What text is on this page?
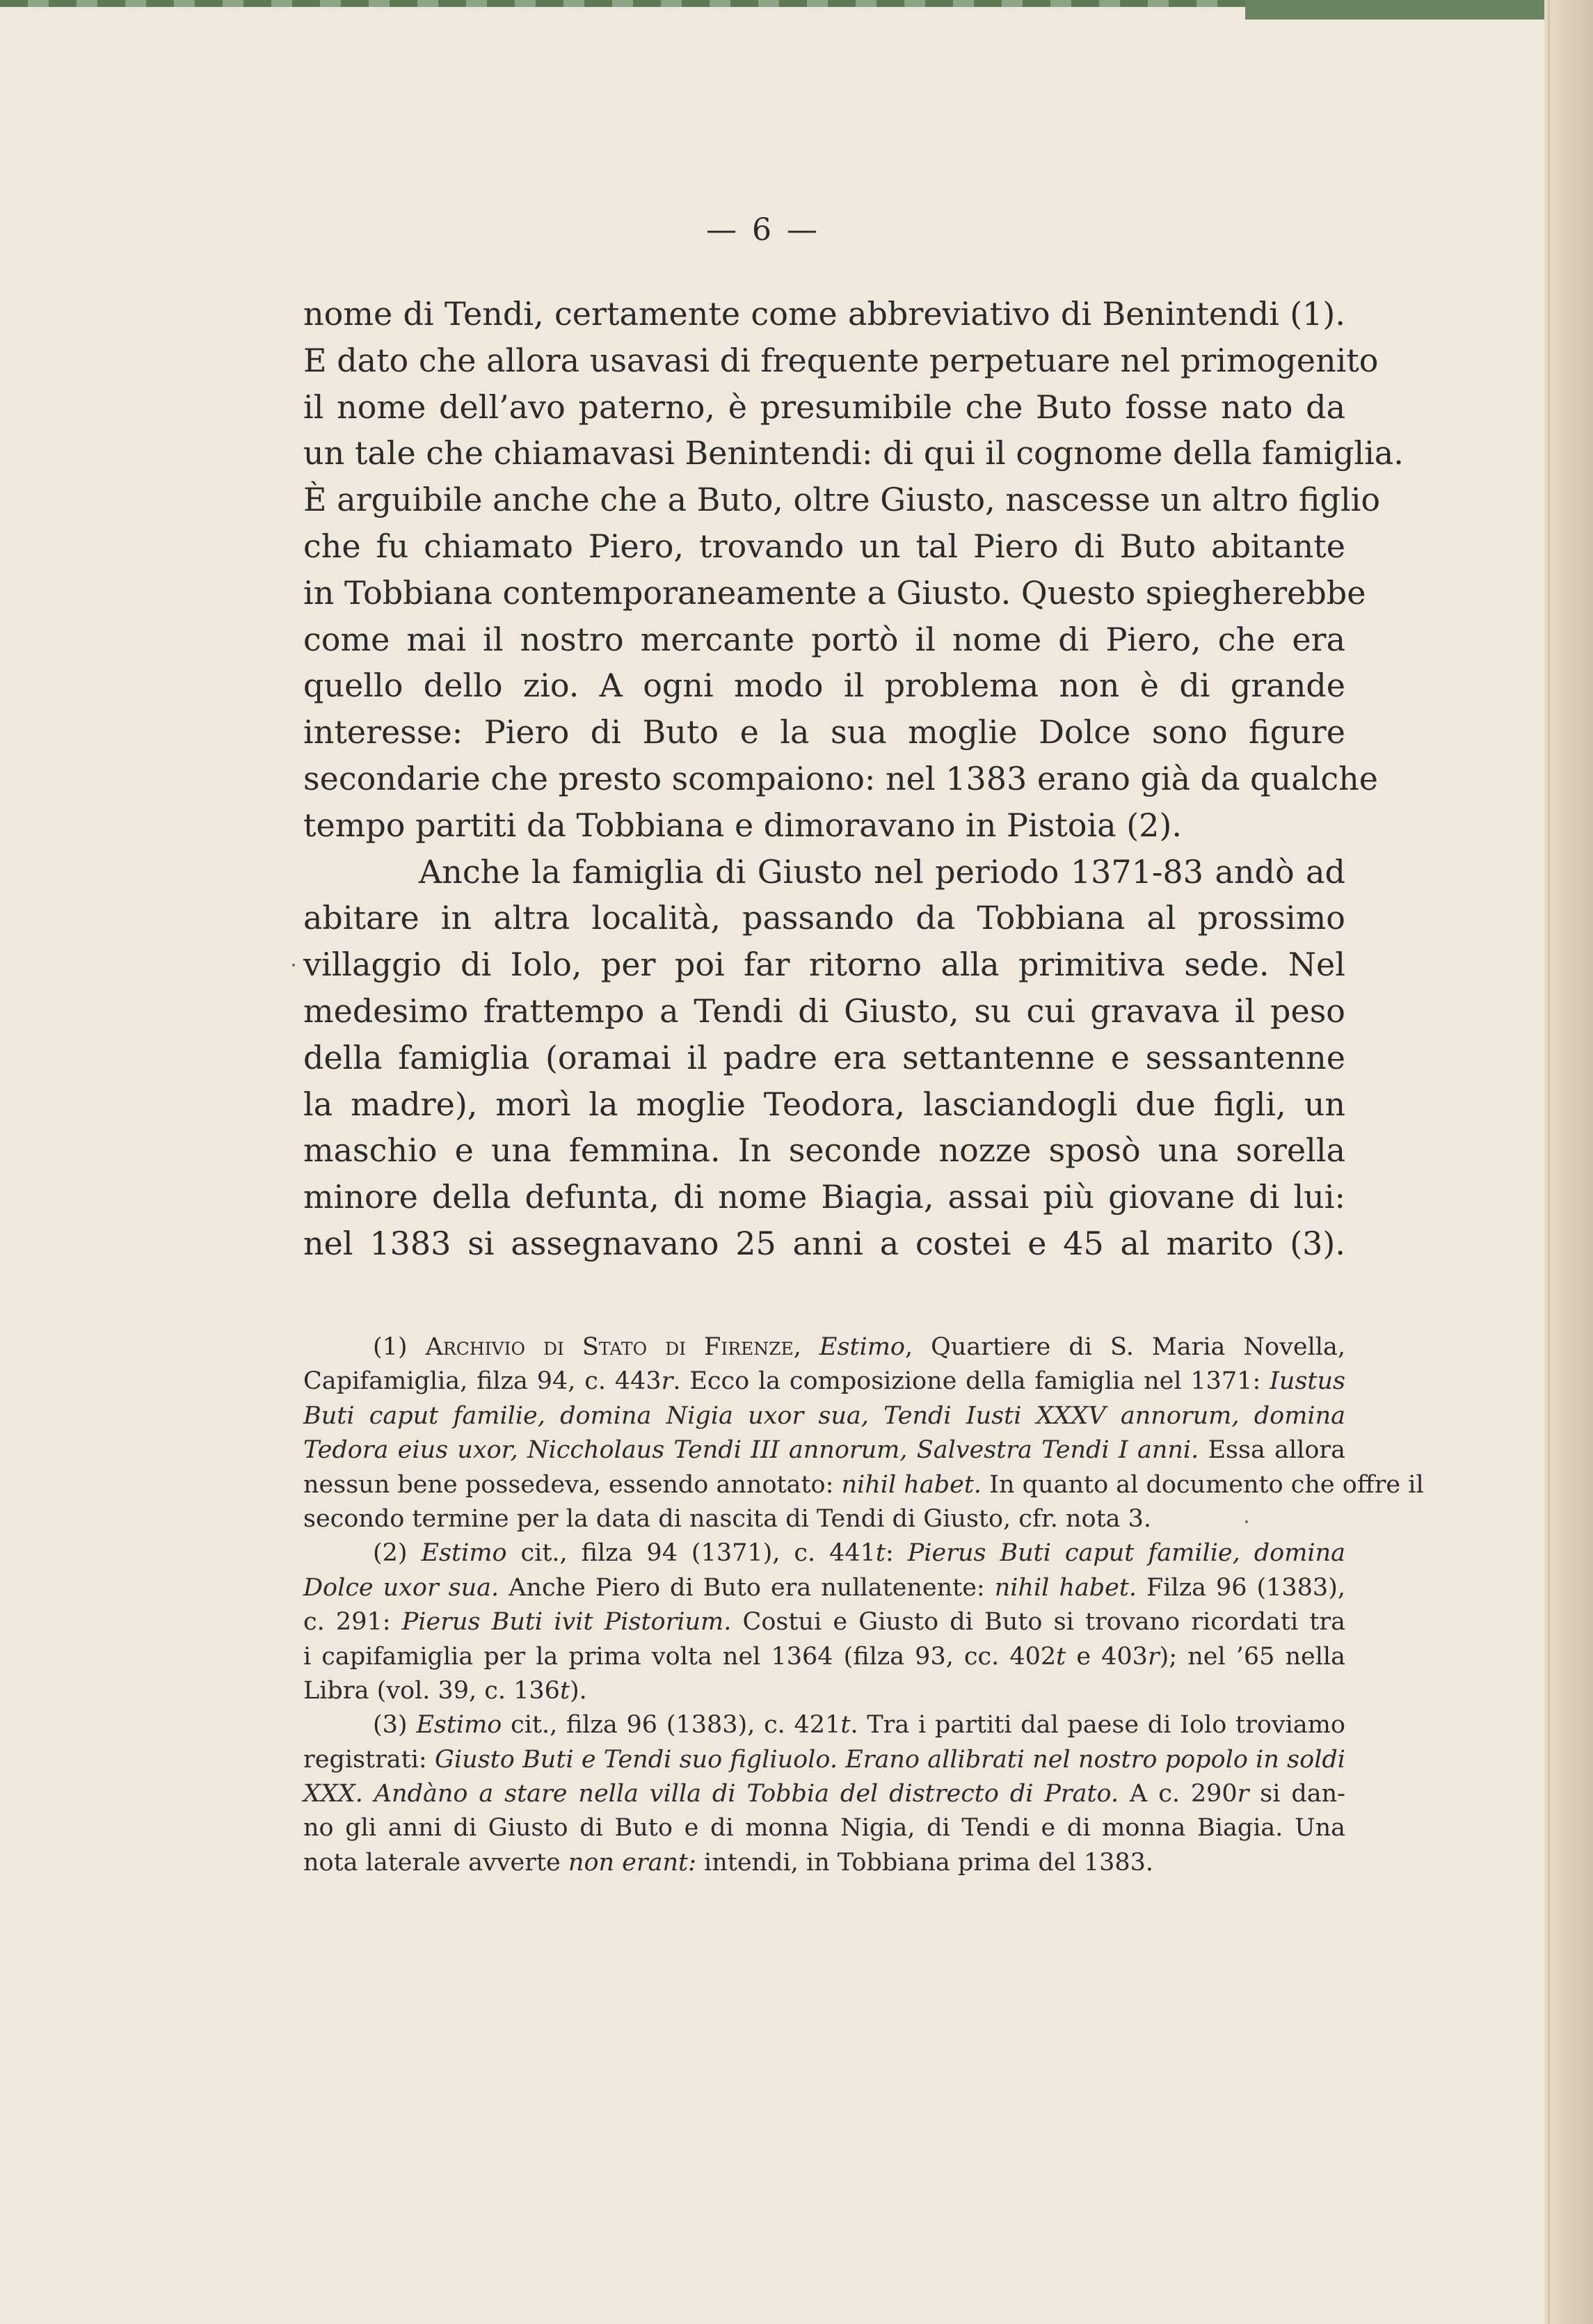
— 6 —
nome di Tendi, certamente come abbreviativo di Benintendi (1).
E dato che allora usavasi di frequente perpetuare nel primogenito
il nome dell’avo paterno, è presumibile che Buto fosse nato da
un tale che chiamavasi Benintendi: di qui il cognome della famiglia.
È arguibile anche che a Buto, oltre Giusto, nascesse un altro figlio
che fu chiamato Piero, trovando un tal Piero di Buto abitante
in Tobbiana contemporaneamente a Giusto. Questo spiegherebbe
come mai il nostro mercante portò il nome di Piero, che era
quello dello zio. A ogni modo il problema non è di grande
interesse: Piero di Buto e la sua moglie Dolce sono figure
secondarie che presto scompaiono: nel 1383 erano già da qualche
tempo partiti da Tobbiana e dimoravano in Pistoia (2).
Anche la famiglia di Giusto nel periodo 1371-83 andò ad
abitare in altra località, passando da Tobbiana al prossimo
villaggio di Iolo, per poi far ritorno alla primitiva sede. Nel
medesimo frattempo a Tendi di Giusto, su cui gravava il peso
della famiglia (oramai il padre era settantenne e sessantenne
la madre), morì la moglie Teodora, lasciandogli due figli, un
maschio e una femmina. In seconde nozze sposò una sorella
minore della defunta, di nome Biagia, assai più giovane di lui:
nel 1383 si assegnavano 25 anni a costei e 45 al marito (3).
(1) Archivio di Stato di Firenze, Estimo, Quartiere di S. Maria Novella,
Capifamiglia, filza 94, c. 443r. Ecco la composizione della famiglia nel 1371: Iustus
Buti caput familie, domina Nigia uxor sua, Tendi Iusti XXXV annorum, domina
Tedora eius uxor, Niccholaus Tendi III annorum, Salvestra Tendi I anni. Essa allora
nessun bene possedeva, essendo annotato: nihil habet. In quanto al documento che offre il
secondo termine per la data di nascita di Tendi di Giusto, cfr. nota 3.
(2) Estimo cit., filza 94 (1371), c. 441t: Pierus Buti caput familie, domina
Dolce uxor sua. Anche Piero di Buto era nullatenente: nihil habet. Filza 96 (1383),
c. 291: Pierus Buti ivit Pistorium. Costui e Giusto di Buto si trovano ricordati tra
i capifamiglia per la prima volta nel 1364 (filza 93, cc. 402t e 403r); nel ’65 nella
Libra (vol. 39, c. 136t).
(3) Estimo cit., filza 96 (1383), c. 421t. Tra i partiti dal paese di Iolo troviamo
registrati: Giusto Buti e Tendi suo figliuolo. Erano allibrati nel nostro popolo in soldi
XXX. Andàno a stare nella villa di Tobbia del distrecto di Prato. A c. 290r si dan-
no gli anni di Giusto di Buto e di monna Nigia, di Tendi e di monna Biagia. Una
nota laterale avverte non erant: intendi, in Tobbiana prima del 1383.
